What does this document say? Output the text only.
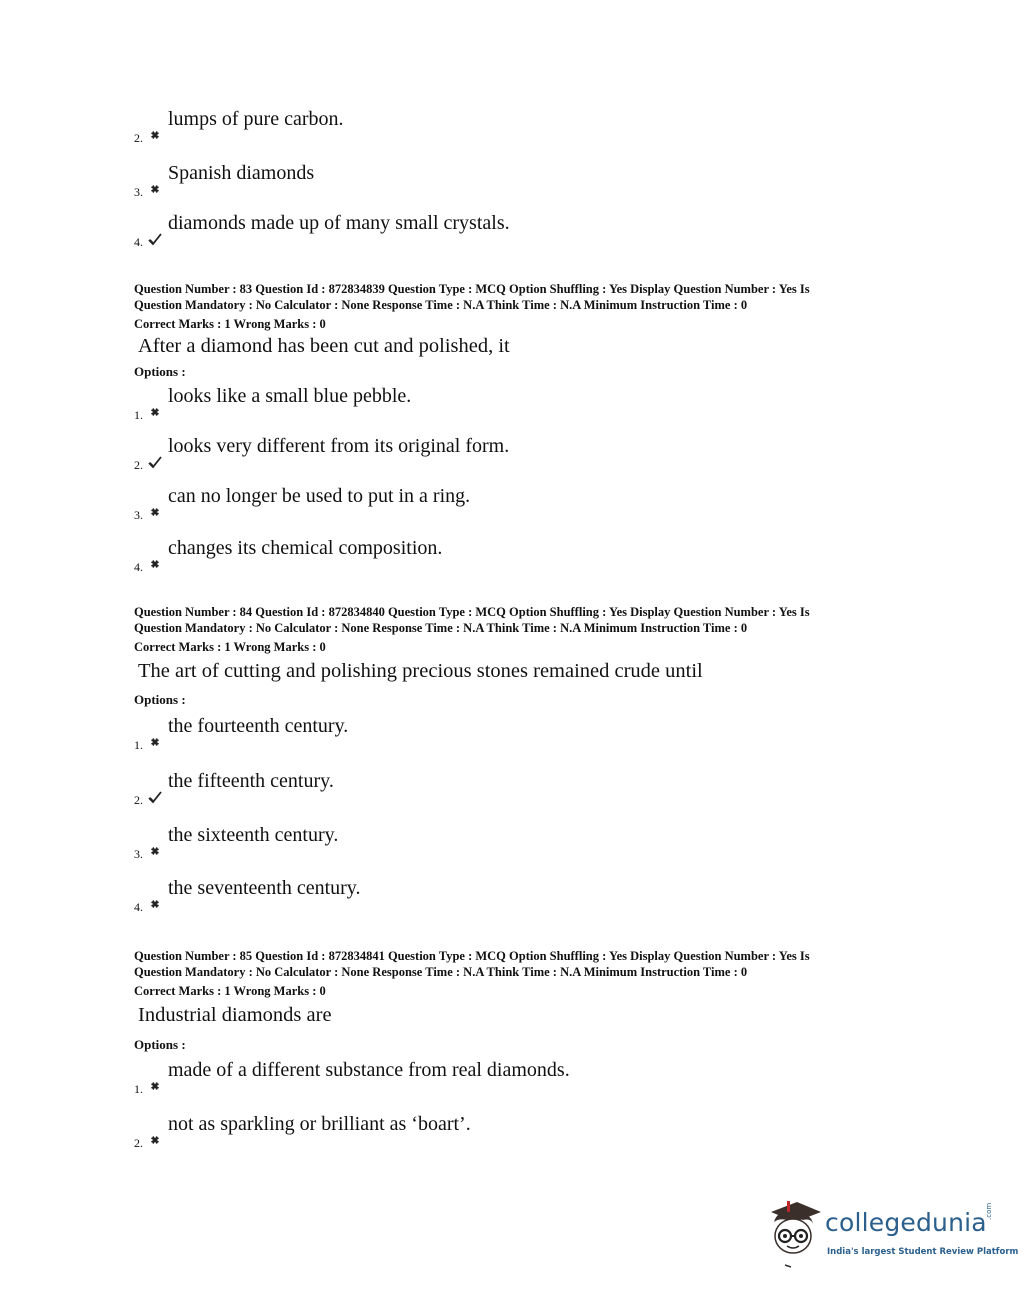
2.
lumps of pure carbon.
3.
Spanish diamonds
4.
diamonds made up of many small crystals.
Question Number : 83 Question Id : 872834839 Question Type : MCQ Option Shuffling : Yes Display Question Number : Yes Is
Question Mandatory : No Calculator : None Response Time : N.A Think Time : N.A Minimum Instruction Time : 0
Correct Marks : 1 Wrong Marks : 0
After a diamond has been cut and polished, it
Options :
1.
looks like a small blue pebble.
2.
looks very different from its original form.
3.
can no longer be used to put in a ring.
4.
changes its chemical composition.
Question Number : 84 Question Id : 872834840 Question Type : MCQ Option Shuffling : Yes Display Question Number : Yes Is
Question Mandatory : No Calculator : None Response Time : N.A Think Time : N.A Minimum Instruction Time : 0
Correct Marks : 1 Wrong Marks : 0
The art of cutting and polishing precious stones remained crude until
Options :
1.
the fourteenth century.
2.
the fifteenth century.
3.
the sixteenth century.
4.
the seventeenth century.
Question Number : 85 Question Id : 872834841 Question Type : MCQ Option Shuffling : Yes Display Question Number : Yes Is
Question Mandatory : No Calculator : None Response Time : N.A Think Time : N.A Minimum Instruction Time : 0
Correct Marks : 1 Wrong Marks : 0
Industrial diamonds are
Options :
1.
made of a different substance from real diamonds.
2.
not as sparkling or brilliant as ‘boart’.
collegedunia
.com
India's largest Student Review Platform
